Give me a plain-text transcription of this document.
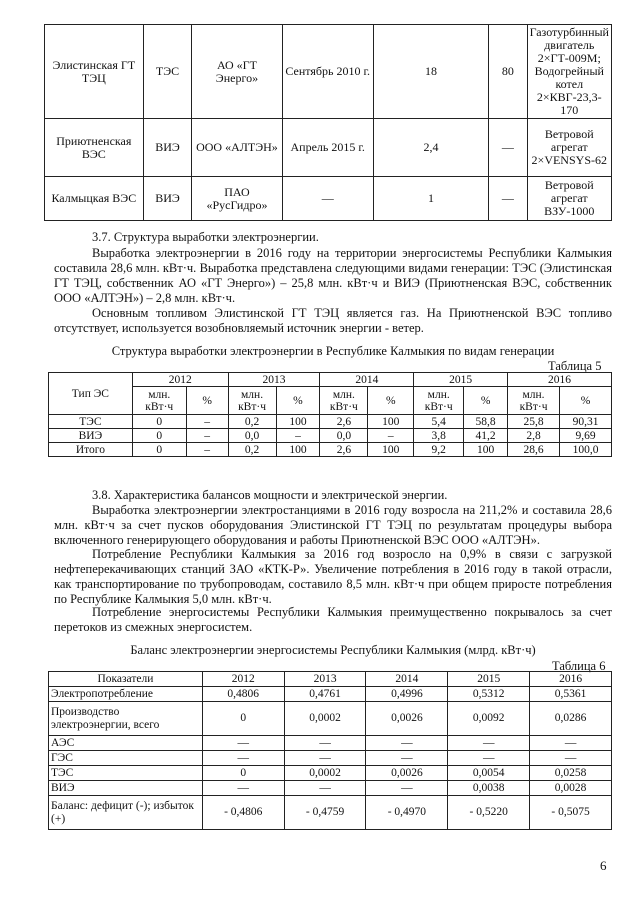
Элистинская ГТ ТЭЦ	ТЭС	АО «ГТ Энерго»	Сентябрь 2010 г.	18	80	Газотурбинный двигатель 2×ГТ-009М; Водогрейный котел 2×КВГ-23,3-170
Приютненская ВЭС	ВИЭ	ООО «АЛТЭН»	Апрель 2015 г.	2,4	—	Ветровой агрегат 2×VENSYS-62
Калмыцкая ВЭС	ВИЭ	ПАО «РусГидро»	—	1	—	Ветровой агрегат ВЗУ-1000

3.7. Структура выработки электроэнергии.

Выработка электроэнергии в 2016 году на территории энергосистемы Республики Калмыкия составила 28,6 млн. кВт·ч. Выработка представлена следующими видами генерации: ТЭС (Элистинская ГТ ТЭЦ, собственник АО «ГТ Энерго») – 25,8 млн. кВт·ч и ВИЭ (Приютненская ВЭС, собственник ООО «АЛТЭН») – 2,8 млн. кВт·ч.

Основным топливом Элистинской ГТ ТЭЦ является газ. На Приютненской ВЭС топливо отсутствует, используется возобновляемый источник энергии - ветер.

Структура выработки электроэнергии в Республике Калмыкия по видам генерации

Таблица 5

Тип ЭС	2012		2013		2014		2015		2016	
	млн. кВт·ч	%	млн. кВт·ч	%	млн. кВт·ч	%	млн. кВт·ч	%	млн. кВт·ч	%
ТЭС	0	–	0,2	100	2,6	100	5,4	58,8	25,8	90,31
ВИЭ	0	–	0,0	–	0,0	–	3,8	41,2	2,8	9,69
Итого	0	–	0,2	100	2,6	100	9,2	100	28,6	100,0

3.8. Характеристика балансов мощности и электрической энергии.

Выработка электроэнергии электростанциями в 2016 году возросла на 211,2% и составила 28,6 млн. кВт·ч за счет пусков оборудования Элистинской ГТ ТЭЦ по результатам процедуры выбора включенного генерирующего оборудования и работы Приютненской ВЭС ООО «АЛТЭН».

Потребление Республики Калмыкия за 2016 год возросло на 0,9% в связи с загрузкой нефтеперекачивающих станций ЗАО «КТК-Р». Увеличение потребления в 2016 году в такой отрасли, как транспортирование по трубопроводам, составило 8,5 млн. кВт·ч при общем приросте потребления по Республике Калмыкия 5,0 млн. кВт·ч.

Потребление энергосистемы Республики Калмыкия преимущественно покрывалось за счет перетоков из смежных энергосистем.

Баланс электроэнергии энергосистемы Республики Калмыкия (млрд. кВт·ч)

Таблица 6

Показатели	2012	2013	2014	2015	2016
Электропотребление	0,4806	0,4761	0,4996	0,5312	0,5361
Производство электроэнергии, всего	0	0,0002	0,0026	0,0092	0,0286
АЭС	—	—	—	—	—
ГЭС	—	—	—	—	—
ТЭС	0	0,0002	0,0026	0,0054	0,0258
ВИЭ	—	—	—	0,0038	0,0028
Баланс: дефицит (-); избыток (+)	- 0,4806	- 0,4759	- 0,4970	- 0,5220	- 0,5075
6
